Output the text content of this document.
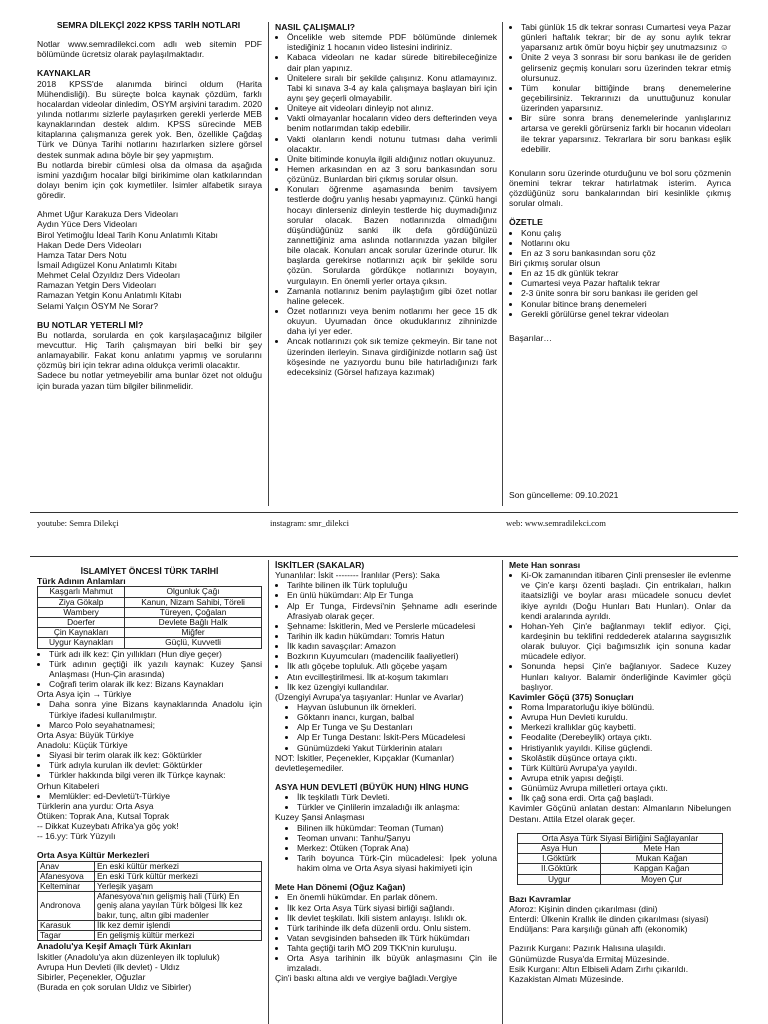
SEMRA DİLEKÇİ 2022 KPSS TARİH NOTLARI

Notlar www.semradilekci.com adlı web sitemin PDF bölümünde ücretsiz olarak paylaşılmaktadır.

KAYNAKLAR

2018 KPSS'de alanımda birinci oldum (Harita Mühendisliği). Bu süreçte bolca kaynak çözdüm, farklı hocalardan videolar dinledim, ÖSYM arşivini taradım. 2020 yılında notlarımı sizlerle paylaşırken gerekli yerlerde MEB kaynaklarından destek aldım. KPSS sürecinde MEB kitaplarına çalışmanıza gerek yok. Ben, özellikle Çağdaş Türk ve Dünya Tarihi notlarını hazırlarken sizlere görsel destek sunmak adına böyle bir şey yapmıştım.

Bu notlarda birebir cümlesi olsa da olmasa da aşağıda ismini yazdığım hocalar bilgi birikimime olan katkılarından dolayı benim için çok kıymetliler. İsimler alfabetik sıraya göredir.

Ahmet Uğur Karakuza Ders Videoları
Aydın Yüce Ders Videoları
Birol Yetimoğlu İdeal Tarih Konu Anlatımlı Kitabı
Hakan Dede Ders Videoları
Hamza Tatar Ders Notu
İsmail Adıgüzel Konu Anlatımlı Kitabı
Mehmet Celal Özyıldız Ders Videoları
Ramazan Yetgin Ders Videoları
Ramazan Yetgin Konu Anlatımlı Kitabı
Selami Yalçın ÖSYM Ne Sorar?
BU NOTLAR YETERLİ Mİ?

Bu notlarda, sorularda en çok karşılaşacağınız bilgiler mevcuttur. Hiç Tarih çalışmayan biri belki bir şey anlamayabilir. Fakat konu anlatımı yapmış ve sorularını çözmüş biri için tekrar adına oldukça verimli olacaktır.

Sadece bu notlar yetmeyebilir ama bunlar özet not olduğu için burada yazan tüm bilgiler bilinmelidir.

NASIL ÇALIŞMALI?
• Öncelikle web sitemde PDF bölümünde dinlemek istediğiniz 1 hocanın video listesini indiriniz.
• Kabaca videoları ne kadar sürede bitirebileceğinize dair plan yapınız.
• Ünitelere sıralı bir şekilde çalışınız. Konu atlamayınız. Tabi ki sınava 3-4 ay kala çalışmaya başlayan biri için aynı şey geçerli olmayabilir.
• Üniteye ait videoları dinleyip not alınız.
• Vakti olmayanlar hocaların video ders defterinden veya benim notlarımdan takip edebilir.
• Vakti olanların kendi notunu tutması daha verimli olacaktır.
• Ünite bitiminde konuyla ilgili aldığınız notları okuyunuz.
• Hemen arkasından en az 3 soru bankasından soru çözünüz. Bunlardan biri çıkmış sorular olsun.
• Konuları öğrenme aşamasında benim tavsiyem testlerde doğru yanlış hesabı yapmayınız. Çünkü hangi hocayı dinlerseniz dinleyin testlerde hiç duymadığınız sorular olacak. Bazen notlarınızda olmadığını düşündüğünüz sanki ilk defa gördüğünüzü zannettiğiniz ama aslında notlarınızda yazan bilgiler bile olacak. Konuları ancak sorular üzerinde oturur. İlk başlarda gerekirse notlarınızı açık bir şekilde soru çözün. Sorularda gördükçe notlarınızı boyayın, vurgulayın. En önemli yerler ortaya çıksın.
• Zamanla notlarınız benim paylaştığım gibi özet notlar haline gelecek.
• Özet notlarınızı veya benim notlarımı her gece 15 dk okuyun. Uyumadan önce okuduklarınız zihninizde daha iyi yer eder.
• Ancak notlarınızı çok sık temize çekmeyin. Bir tane not üzerinden ilerleyin. Sınava girdiğinizde notların sağ üst köşesinde ne yazıyordu bunu bile hatırladığınızı fark edeceksiniz (Görsel hafızaya kazımak)
• Tabi günlük 15 dk tekrar sonrası Cumartesi veya Pazar günleri haftalık tekrar; bir de ay sonu aylık tekrar yaparsanız artık ömür boyu hiçbir şey unutmazsınız ☺
• Ünite 2 veya 3 sonrası bir soru bankası ile de geriden gelirseniz geçmiş konuları soru üzerinden tekrar etmiş olursunuz.
• Tüm konular bittiğinde branş denemelerine geçebilirsiniz. Tekrarınızı da unuttuğunuz konular üzerinden yaparsınız.
• Bir süre sonra branş denemelerinde yanlışlarınız artarsa ve gerekli görürseniz farklı bir hocanın videoları ile tekrar yaparsınız. Tekrarlara bir soru bankası eşlik edebilir.

Konuların soru üzerinde oturduğunu ve bol soru çözmenin önemini tekrar tekrar hatırlatmak isterim. Ayrıca çözdüğünüz soru bankalarından biri kesinlikle çıkmış sorular olmalı.

ÖZETLE
• Konu çalış
• Notlarını oku
• En az 3 soru bankasından soru çöz
Biri çıkmış sorular olsun
• En az 15 dk günlük tekrar
• Cumartesi veya Pazar haftalık tekrar
• 2-3 ünite sonra bir soru bankası ile geriden gel
• Konular bitince branş denemeleri
• Gerekli görülürse genel tekrar videoları
Başarılar…
Son güncelleme: 09.10.2021
youtube: Semra Dilekçi	instagram: smr_dilekci	web: www.semradilekci.com
İSLAMİYET ÖNCESİ TÜRK TARİHİ
Türk Adının Anlamları
Kaşgarlı Mahmut	Olgunluk Çağı
Ziya Gökalp	Kanun, Nizam Sahibi, Töreli
Wambery	Türeyen, Çoğalan
Doerfer	Devlete Bağlı Halk
Çin Kaynakları	Miğfer
Uygur Kaynakları	Güçlü, Kuvvetli
• Türk adı ilk kez: Çin yıllıkları (Hun diye geçer)
• Türk adının geçtiği ilk yazılı kaynak: Kuzey Şansi Anlaşması (Hun-Çin arasında)
• Coğrafi terim olarak ilk kez: Bizans Kaynakları
Orta Asya için → Türkiye
• Daha sonra yine Bizans kaynaklarında Anadolu için Türkiye ifadesi kullanılmıştır.
• Marco Polo seyahatnamesi;
Orta Asya: Büyük Türkiye
Anadolu: Küçük Türkiye
• Siyasi bir terim olarak ilk kez: Göktürkler
• Türk adıyla kurulan ilk devlet: Göktürkler
• Türkler hakkında bilgi veren ilk Türkçe kaynak:
Orhun Kitabeleri
• Memlükler: ed-Devletü't-Türkiye
Türklerin ana yurdu: Orta Asya
Ötüken: Toprak Ana, Kutsal Toprak
-- Dikkat Kuzeybatı Afrika'ya göç yok!
-- 16.yy: Türk Yüzyılı
Orta Asya Kültür Merkezleri
Anav	En eski kültür merkezi
Afanesyova	En eski Türk kültür merkezi
Kelteminar	Yerleşik yaşam
Andronova	Afanesyova'nın gelişmiş hali (Türk) En geniş alana yayılan Türk bölgesi İlk kez bakır, tunç, altın gibi madenler
Karasuk	İlk kez demir işlendi
Tagar	En gelişmiş kültür merkezi
Anadolu'ya Keşif Amaçlı Türk Akınları
İskitler (Anadolu'ya akın düzenleyen ilk topluluk)
Avrupa Hun Devleti (ilk devlet) - Uldız
Sibirler, Peçenekler, Oğuzlar
(Burada en çok sorulan Uldız ve Sibirler)
İSKİTLER (SAKALAR)
Yunanlılar: İskit -------- İranlılar (Pers): Saka
• Tarihte bilinen ilk Türk topluluğu
• En ünlü hükümdarı: Alp Er Tunga
• Alp Er Tunga, Firdevsi'nin Şehname adlı eserinde Afrasiyab olarak geçer.
• Şehname: İskitlerin, Med ve Perslerle mücadelesi
• Tarihin ilk kadın hükümdarı: Tomris Hatun
• İlk kadın savaşçılar: Amazon
• Bozkırın Kuyumcuları (madencilik faaliyetleri)
• İlk atlı göçebe topluluk. Atlı göçebe yaşam
• Atın evcilleştirilmesi. İlk at-koşum takımları
• İlk kez üzengiyi kullandılar.
(Üzengiyi Avrupa'ya taşıyanlar: Hunlar ve Avarlar)
• Hayvan üslubunun ilk örnekleri.
• Göktanrı inancı, kurgan, balbal
• Alp Er Tunga ve Şu Destanları
• Alp Er Tunga Destanı: İskit-Pers Mücadelesi
• Günümüzdeki Yakut Türklerinin ataları
NOT: İskitler, Peçenekler, Kıpçaklar (Kumanlar) devletleşemediler.
ASYA HUN DEVLETİ (BÜYÜK HUN) HİNG HUNG
• İlk teşkilatlı Türk Devleti.
• Türkler ve Çinlilerin imzaladığı ilk anlaşma:
Kuzey Şansi Anlaşması
• Bilinen ilk hükümdar: Teoman (Tuman)
• Teoman unvanı: Tanhu/Şanyu
• Merkez: Ötüken (Toprak Ana)
• Tarih boyunca Türk-Çin mücadelesi: İpek yoluna hakim olma ve Orta Asya siyasi hakimiyeti için
Mete Han Dönemi (Oğuz Kağan)
• En önemli hükümdar. En parlak dönem.
• İlk kez Orta Asya Türk siyasi birliği sağlandı.
• İlk devlet teşkilatı. İkili sistem anlayışı. Islıklı ok.
• Türk tarihinde ilk defa düzenli ordu. Onlu sistem.
• Vatan sevgisinden bahseden ilk Türk hükümdarı
• Tahta geçtiği tarih MÖ 209 TKK'nin kuruluşu.
• Orta Asya tarihinin ilk büyük anlaşmasını Çin ile imzaladı.
Çin'i baskı altına aldı ve vergiye bağladı.Vergiye
Mete Han sonrası
• Ki-Ok zamanından itibaren Çinli prensesler ile evlenme ve Çin'e karşı özenti başladı. Çin entrikaları, halkın itaatsizliği ve boylar arası mücadele sonucu devlet ikiye ayrıldı (Doğu Hunları Batı Hunları). Onlar da kendi aralarında ayrıldı.
• Hohan-Yeh Çin'e bağlanmayı teklif ediyor. Çiçi, kardeşinin bu teklifini reddederek atalarına saygısızlık olarak buluyor. Çiçi bağımsızlık için sonuna kadar mücadele ediyor.
• Sonunda hepsi Çin'e bağlanıyor. Sadece Kuzey Hunları kalıyor. Balamir önderliğinde Kavimler göçü başlıyor.
Kavimler Göçü (375) Sonuçları
• Roma İmparatorluğu ikiye bölündü.
• Avrupa Hun Devleti kuruldu.
• Merkezi krallıklar güç kaybetti.
• Feodalite (Derebeylik) ortaya çıktı.
• Hristiyanlık yayıldı. Kilise güçlendi.
• Skolâstik düşünce ortaya çıktı.
• Türk Kültürü Avrupa'ya yayıldı.
• Avrupa etnik yapısı değişti.
• Günümüz Avrupa milletleri ortaya çıktı.
• İlk çağ sona erdi. Orta çağ başladı.

Kavimler Göçünü anlatan destan: Almanların Nibelungen Destanı. Attila Etzel olarak geçer.

Orta Asya Türk Siyasi Birliğini Sağlayanlar	
Asya Hun	Mete Han
I.Göktürk	Mukan Kağan
II.Göktürk	Kapgan Kağan
Uygur	Moyen Çur
Bazı Kavramlar
Aforoz: Kişinin dinden çıkarılması (dini)
Enterdi: Ülkenin Krallık ile dinden çıkarılması (siyasi)
Endüljans: Para karşılığı günah affı (ekonomik)
Pazırık Kurganı: Pazırık Halısına ulaşıldı.
Günümüzde Rusya'da Ermitaj Müzesinde.
Esik Kurganı: Altın Elbiseli Adam Zırhı çıkarıldı.
Kazakistan Almatı Müzesinde.
